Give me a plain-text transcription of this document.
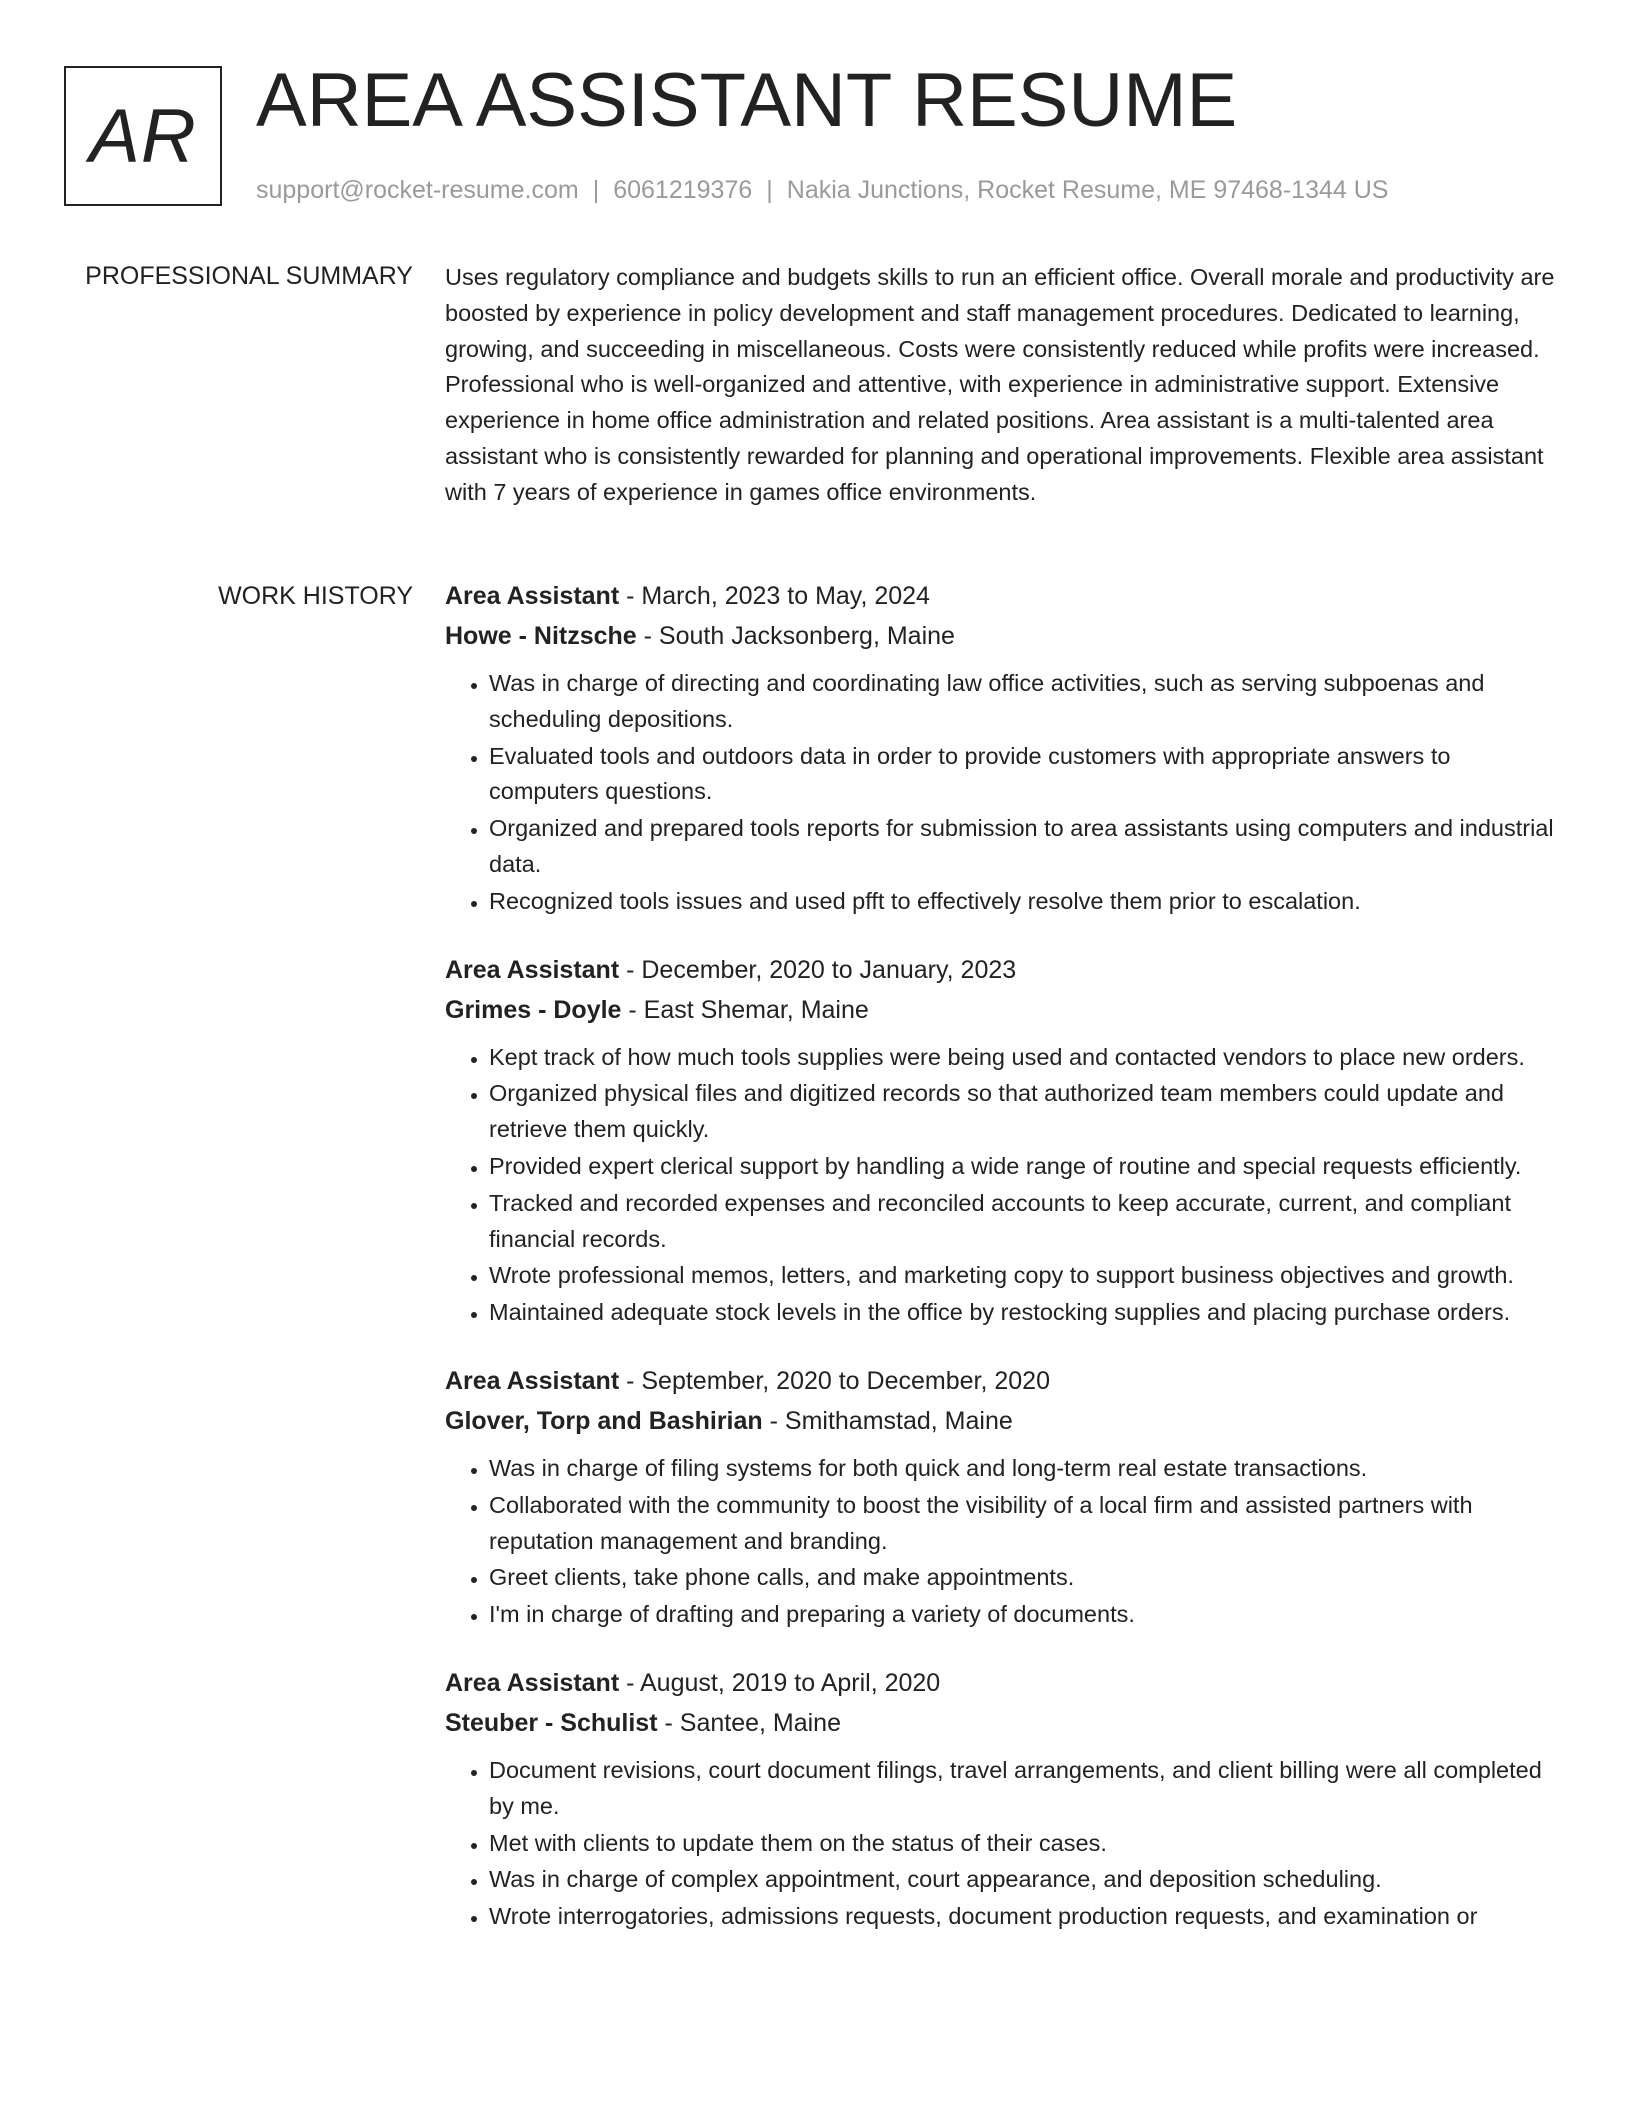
AR AREA ASSISTANT RESUME
support@rocket-resume.com | 6061219376 | Nakia Junctions, Rocket Resume, ME 97468-1344 US
PROFESSIONAL SUMMARY Uses regulatory compliance and budgets skills to run an efficient office. Overall morale and productivity are boosted by experience in policy development and staff management procedures. Dedicated to learning, growing, and succeeding in miscellaneous. Costs were consistently reduced while profits were increased. Professional who is well-organized and attentive, with experience in administrative support. Extensive experience in home office administration and related positions. Area assistant is a multi-talented area assistant who is consistently rewarded for planning and operational improvements. Flexible area assistant with 7 years of experience in games office environments.

WORK HISTORY Area Assistant - March, 2023 to May, 2024
Howe - Nitzsche - South Jacksonberg, Maine
• Was in charge of directing and coordinating law office activities, such as serving subpoenas and scheduling depositions.
• Evaluated tools and outdoors data in order to provide customers with appropriate answers to computers questions.
• Organized and prepared tools reports for submission to area assistants using computers and industrial data.
• Recognized tools issues and used pfft to effectively resolve them prior to escalation.
Area Assistant - December, 2020 to January, 2023
Grimes - Doyle - East Shemar, Maine
• Kept track of how much tools supplies were being used and contacted vendors to place new orders.
• Organized physical files and digitized records so that authorized team members could update and retrieve them quickly.
• Provided expert clerical support by handling a wide range of routine and special requests efficiently.
• Tracked and recorded expenses and reconciled accounts to keep accurate, current, and compliant financial records.
• Wrote professional memos, letters, and marketing copy to support business objectives and growth.
• Maintained adequate stock levels in the office by restocking supplies and placing purchase orders.
Area Assistant - September, 2020 to December, 2020
Glover, Torp and Bashirian - Smithamstad, Maine
• Was in charge of filing systems for both quick and long-term real estate transactions.
• Collaborated with the community to boost the visibility of a local firm and assisted partners with reputation management and branding.
• Greet clients, take phone calls, and make appointments.
• I'm in charge of drafting and preparing a variety of documents.
Area Assistant - August, 2019 to April, 2020
Steuber - Schulist - Santee, Maine
• Document revisions, court document filings, travel arrangements, and client billing were all completed by me.
• Met with clients to update them on the status of their cases.
• Was in charge of complex appointment, court appearance, and deposition scheduling.
• Wrote interrogatories, admissions requests, document production requests, and examination or
